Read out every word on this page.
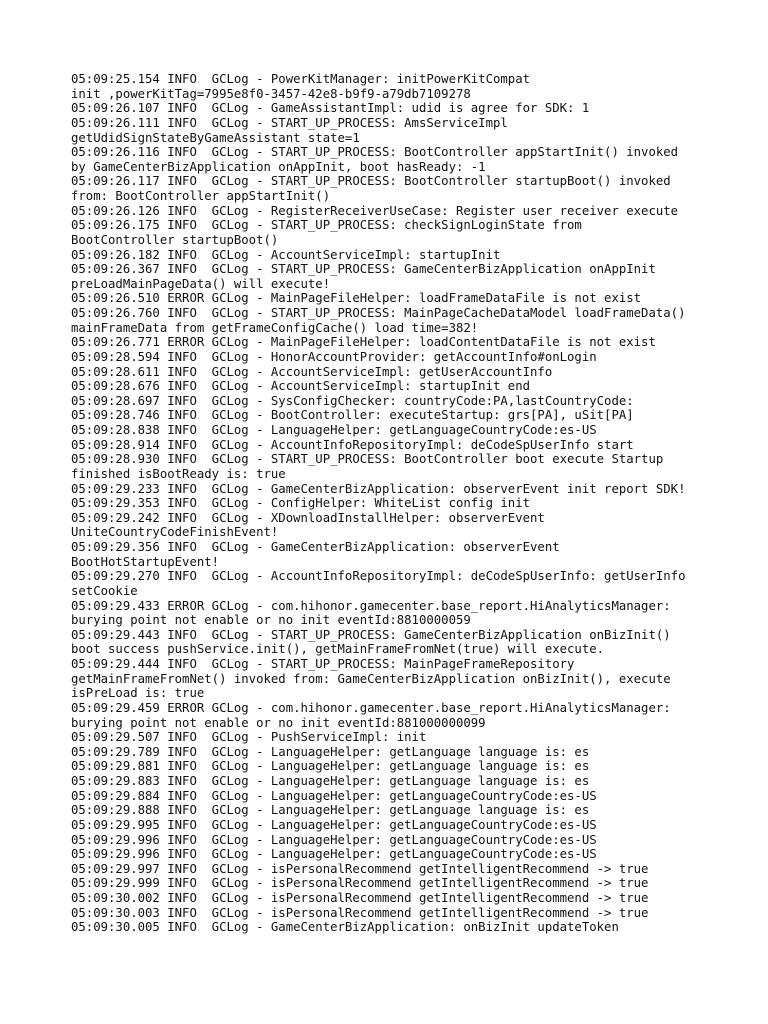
05:09:25.154 INFO  GCLog - PowerKitManager: initPowerKitCompat
init ,powerKitTag=7995e8f0-3457-42e8-b9f9-a79db7109278
05:09:26.107 INFO  GCLog - GameAssistantImpl: udid is agree for SDK: 1
05:09:26.111 INFO  GCLog - START_UP_PROCESS: AmsServiceImpl
getUdidSignStateByGameAssistant state=1
05:09:26.116 INFO  GCLog - START_UP_PROCESS: BootController appStartInit() invoked
by GameCenterBizApplication onAppInit, boot hasReady: -1
05:09:26.117 INFO  GCLog - START_UP_PROCESS: BootController startupBoot() invoked
from: BootController appStartInit()
05:09:26.126 INFO  GCLog - RegisterReceiverUseCase: Register user receiver execute
05:09:26.175 INFO  GCLog - START_UP_PROCESS: checkSignLoginState from
BootController startupBoot()
05:09:26.182 INFO  GCLog - AccountServiceImpl: startupInit
05:09:26.367 INFO  GCLog - START_UP_PROCESS: GameCenterBizApplication onAppInit
preLoadMainPageData() will execute!
05:09:26.510 ERROR GCLog - MainPageFileHelper: loadFrameDataFile is not exist
05:09:26.760 INFO  GCLog - START_UP_PROCESS: MainPageCacheDataModel loadFrameData()
mainFrameData from getFrameConfigCache() load time=382!
05:09:26.771 ERROR GCLog - MainPageFileHelper: loadContentDataFile is not exist
05:09:28.594 INFO  GCLog - HonorAccountProvider: getAccountInfo#onLogin
05:09:28.611 INFO  GCLog - AccountServiceImpl: getUserAccountInfo
05:09:28.676 INFO  GCLog - AccountServiceImpl: startupInit end
05:09:28.697 INFO  GCLog - SysConfigChecker: countryCode:PA,lastCountryCode:
05:09:28.746 INFO  GCLog - BootController: executeStartup: grs[PA], uSit[PA]
05:09:28.838 INFO  GCLog - LanguageHelper: getLanguageCountryCode:es-US
05:09:28.914 INFO  GCLog - AccountInfoRepositoryImpl: deCodeSpUserInfo start
05:09:28.930 INFO  GCLog - START_UP_PROCESS: BootController boot execute Startup
finished isBootReady is: true
05:09:29.233 INFO  GCLog - GameCenterBizApplication: observerEvent init report SDK!
05:09:29.353 INFO  GCLog - ConfigHelper: WhiteList config init
05:09:29.242 INFO  GCLog - XDownloadInstallHelper: observerEvent
UniteCountryCodeFinishEvent!
05:09:29.356 INFO  GCLog - GameCenterBizApplication: observerEvent
BootHotStartupEvent!
05:09:29.270 INFO  GCLog - AccountInfoRepositoryImpl: deCodeSpUserInfo: getUserInfo
setCookie
05:09:29.433 ERROR GCLog - com.hihonor.gamecenter.base_report.HiAnalyticsManager:
burying point not enable or no init eventId:8810000059
05:09:29.443 INFO  GCLog - START_UP_PROCESS: GameCenterBizApplication onBizInit()
boot success pushService.init(), getMainFrameFromNet(true) will execute.
05:09:29.444 INFO  GCLog - START_UP_PROCESS: MainPageFrameRepository
getMainFrameFromNet() invoked from: GameCenterBizApplication onBizInit(), execute
isPreLoad is: true
05:09:29.459 ERROR GCLog - com.hihonor.gamecenter.base_report.HiAnalyticsManager:
burying point not enable or no init eventId:881000000099
05:09:29.507 INFO  GCLog - PushServiceImpl: init
05:09:29.789 INFO  GCLog - LanguageHelper: getLanguage language is: es
05:09:29.881 INFO  GCLog - LanguageHelper: getLanguage language is: es
05:09:29.883 INFO  GCLog - LanguageHelper: getLanguage language is: es
05:09:29.884 INFO  GCLog - LanguageHelper: getLanguageCountryCode:es-US
05:09:29.888 INFO  GCLog - LanguageHelper: getLanguage language is: es
05:09:29.995 INFO  GCLog - LanguageHelper: getLanguageCountryCode:es-US
05:09:29.996 INFO  GCLog - LanguageHelper: getLanguageCountryCode:es-US
05:09:29.996 INFO  GCLog - LanguageHelper: getLanguageCountryCode:es-US
05:09:29.997 INFO  GCLog - isPersonalRecommend getIntelligentRecommend -> true
05:09:29.999 INFO  GCLog - isPersonalRecommend getIntelligentRecommend -> true
05:09:30.002 INFO  GCLog - isPersonalRecommend getIntelligentRecommend -> true
05:09:30.003 INFO  GCLog - isPersonalRecommend getIntelligentRecommend -> true
05:09:30.005 INFO  GCLog - GameCenterBizApplication: onBizInit updateToken
